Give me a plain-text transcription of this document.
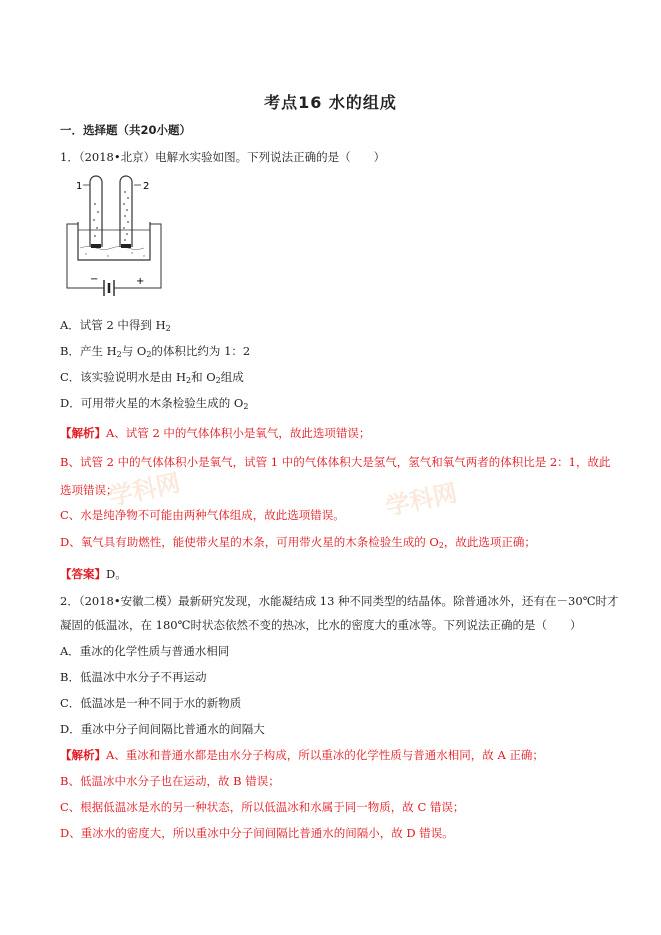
学科网	学科网
考点16 水的组成
一．选择题（共20小题）
1．（2018•北京）电解水实验如图。下列说法正确的是（　　）
1	2
−	+
A．试管 2 中得到 $H_2$
B．产生 $H_2$与 $O_2$的体积比约为 1：2
C．该实验说明水是由 $H_2$和 $O_2$组成
D．可用带火星的木条检验生成的 $O_2$
【解析】A、试管 2 中的气体体积小是氧气，故此选项错误；
B、试管 2 中的气体体积小是氧气，试管 1 中的气体体积大是氢气，氢气和氧气两者的体积比是 2：1，故此
选项错误；
C、水是纯净物不可能由两种气体组成，故此选项错误。
D、氧气具有助燃性，能使带火星的木条，可用带火星的木条检验生成的 $O_2$，故此选项正确；
【答案】D。
2．（2018•安徽二模）最新研究发现，水能凝结成 13 种不同类型的结晶体。除普通冰外，还有在－30℃时才
凝固的低温冰，在 180℃时状态依然不变的热冰，比水的密度大的重冰等。下列说法正确的是（　　）
A．重冰的化学性质与普通水相同
B．低温冰中水分子不再运动
C．低温冰是一种不同于水的新物质
D．重冰中分子间间隔比普通水的间隔大
【解析】A、重冰和普通水都是由水分子构成，所以重冰的化学性质与普通水相同，故 A 正确；
B、低温冰中水分子也在运动，故 B 错误；
C、根据低温冰是水的另一种状态，所以低温冰和水属于同一物质，故 C 错误；
D、重冰水的密度大，所以重冰中分子间间隔比普通水的间隔小，故 D 错误。
